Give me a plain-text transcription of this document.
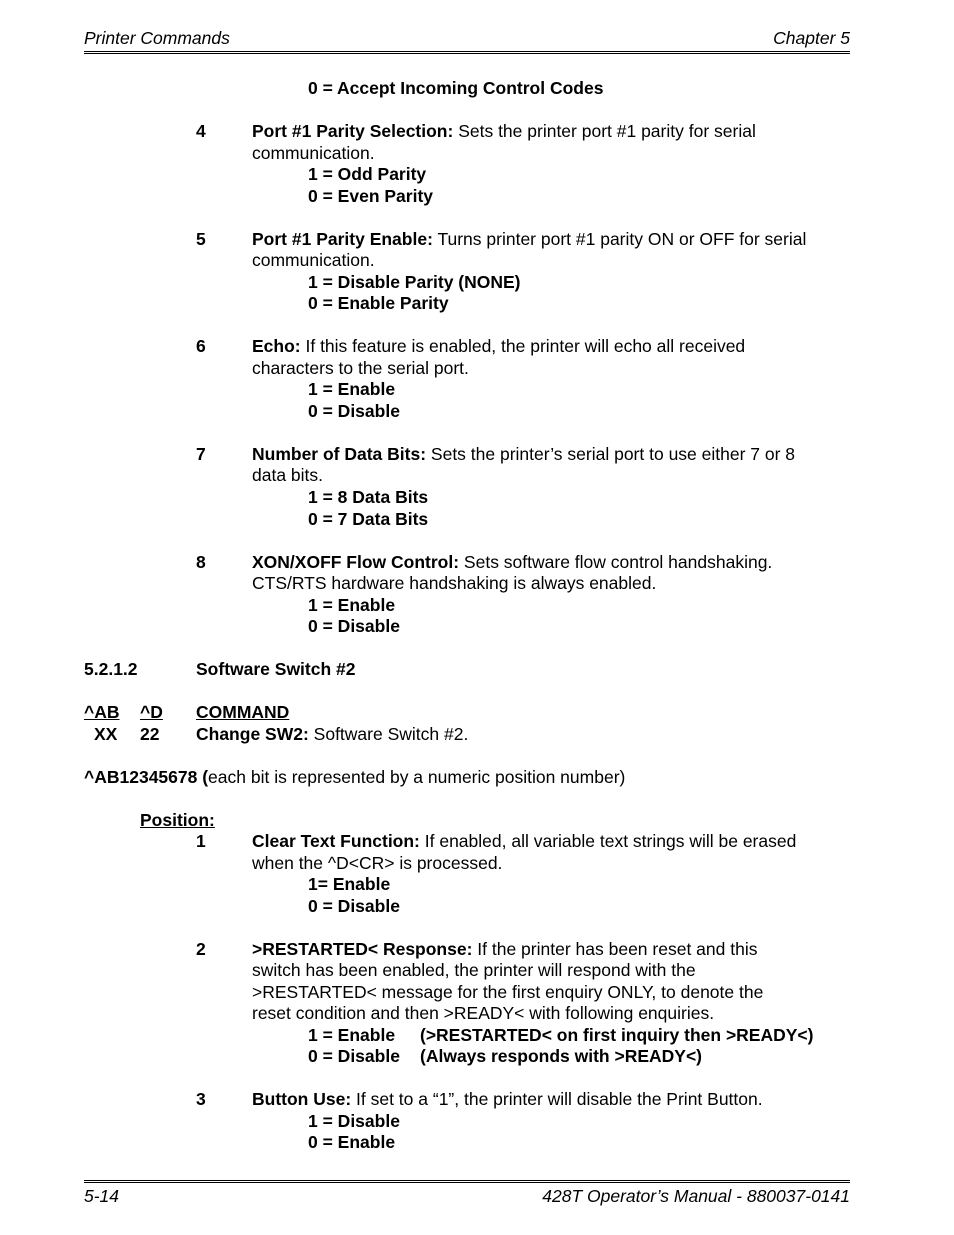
Printer Commands	Chapter 5
0 = Accept Incoming Control Codes
4	Port #1 Parity Selection: Sets the printer port #1 parity for serial
communication.
1 = Odd Parity
0 = Even Parity
5	Port #1 Parity Enable: Turns printer port #1 parity ON or OFF for serial
communication.
1 = Disable Parity (NONE)
0 = Enable Parity
6	Echo: If this feature is enabled, the printer will echo all received
characters to the serial port.
1 = Enable
0 = Disable
7	Number of Data Bits: Sets the printer’s serial port to use either 7 or 8
data bits.
1 = 8 Data Bits
0 = 7 Data Bits
8	XON/XOFF Flow Control: Sets software flow control handshaking.
CTS/RTS hardware handshaking is always enabled.
1 = Enable
0 = Disable
5.2.1.2	Software Switch #2
^AB ^D COMMAND
XX 22 Change SW2: Software Switch #2.
^AB12345678 (each bit is represented by a numeric position number)
Position:
1	Clear Text Function: If enabled, all variable text strings will be erased
when the ^D<CR> is processed.
1= Enable
0 = Disable
2	>RESTARTED< Response: If the printer has been reset and this
switch has been enabled, the printer will respond with the
>RESTARTED< message for the first enquiry ONLY, to denote the
reset condition and then >READY< with following enquiries.
1 = Enable (>RESTARTED< on first inquiry then >READY<)
0 = Disable (Always responds with >READY<)
3	Button Use: If set to a “1”, the printer will disable the Print Button.
1 = Disable
0 = Enable
5-14	428T Operator’s Manual - 880037-0141
